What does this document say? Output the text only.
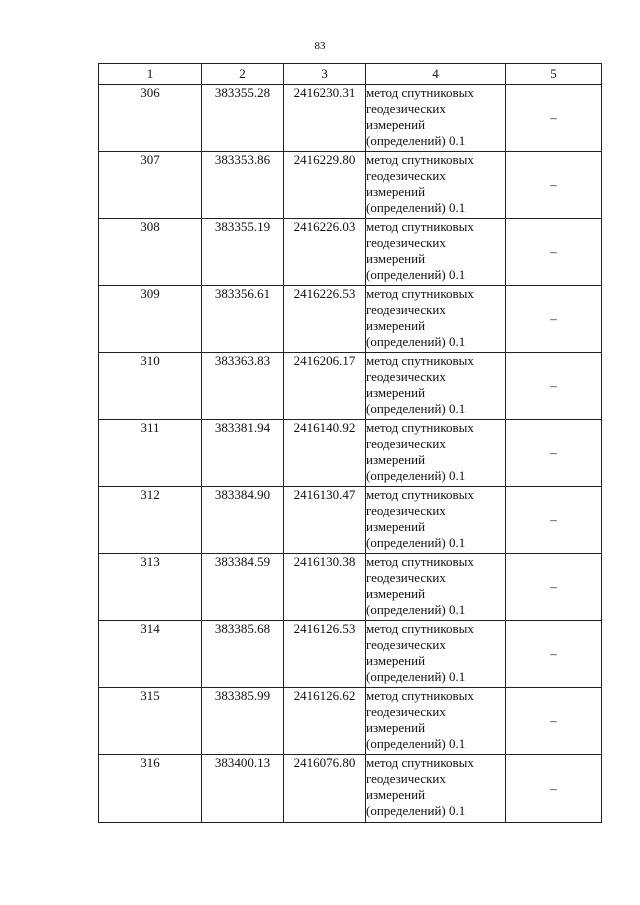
83
1	2	3	4	5
306	383355.28	2416230.31	метод спутниковых
геодезических
измерений
(определений) 0.1	–
307	383353.86	2416229.80	метод спутниковых
геодезических
измерений
(определений) 0.1	–
308	383355.19	2416226.03	метод спутниковых
геодезических
измерений
(определений) 0.1	–
309	383356.61	2416226.53	метод спутниковых
геодезических
измерений
(определений) 0.1	–
310	383363.83	2416206.17	метод спутниковых
геодезических
измерений
(определений) 0.1	–
311	383381.94	2416140.92	метод спутниковых
геодезических
измерений
(определений) 0.1	–
312	383384.90	2416130.47	метод спутниковых
геодезических
измерений
(определений) 0.1	–
313	383384.59	2416130.38	метод спутниковых
геодезических
измерений
(определений) 0.1	–
314	383385.68	2416126.53	метод спутниковых
геодезических
измерений
(определений) 0.1	–
315	383385.99	2416126.62	метод спутниковых
геодезических
измерений
(определений) 0.1	–
316	383400.13	2416076.80	метод спутниковых
геодезических
измерений
(определений) 0.1	–
